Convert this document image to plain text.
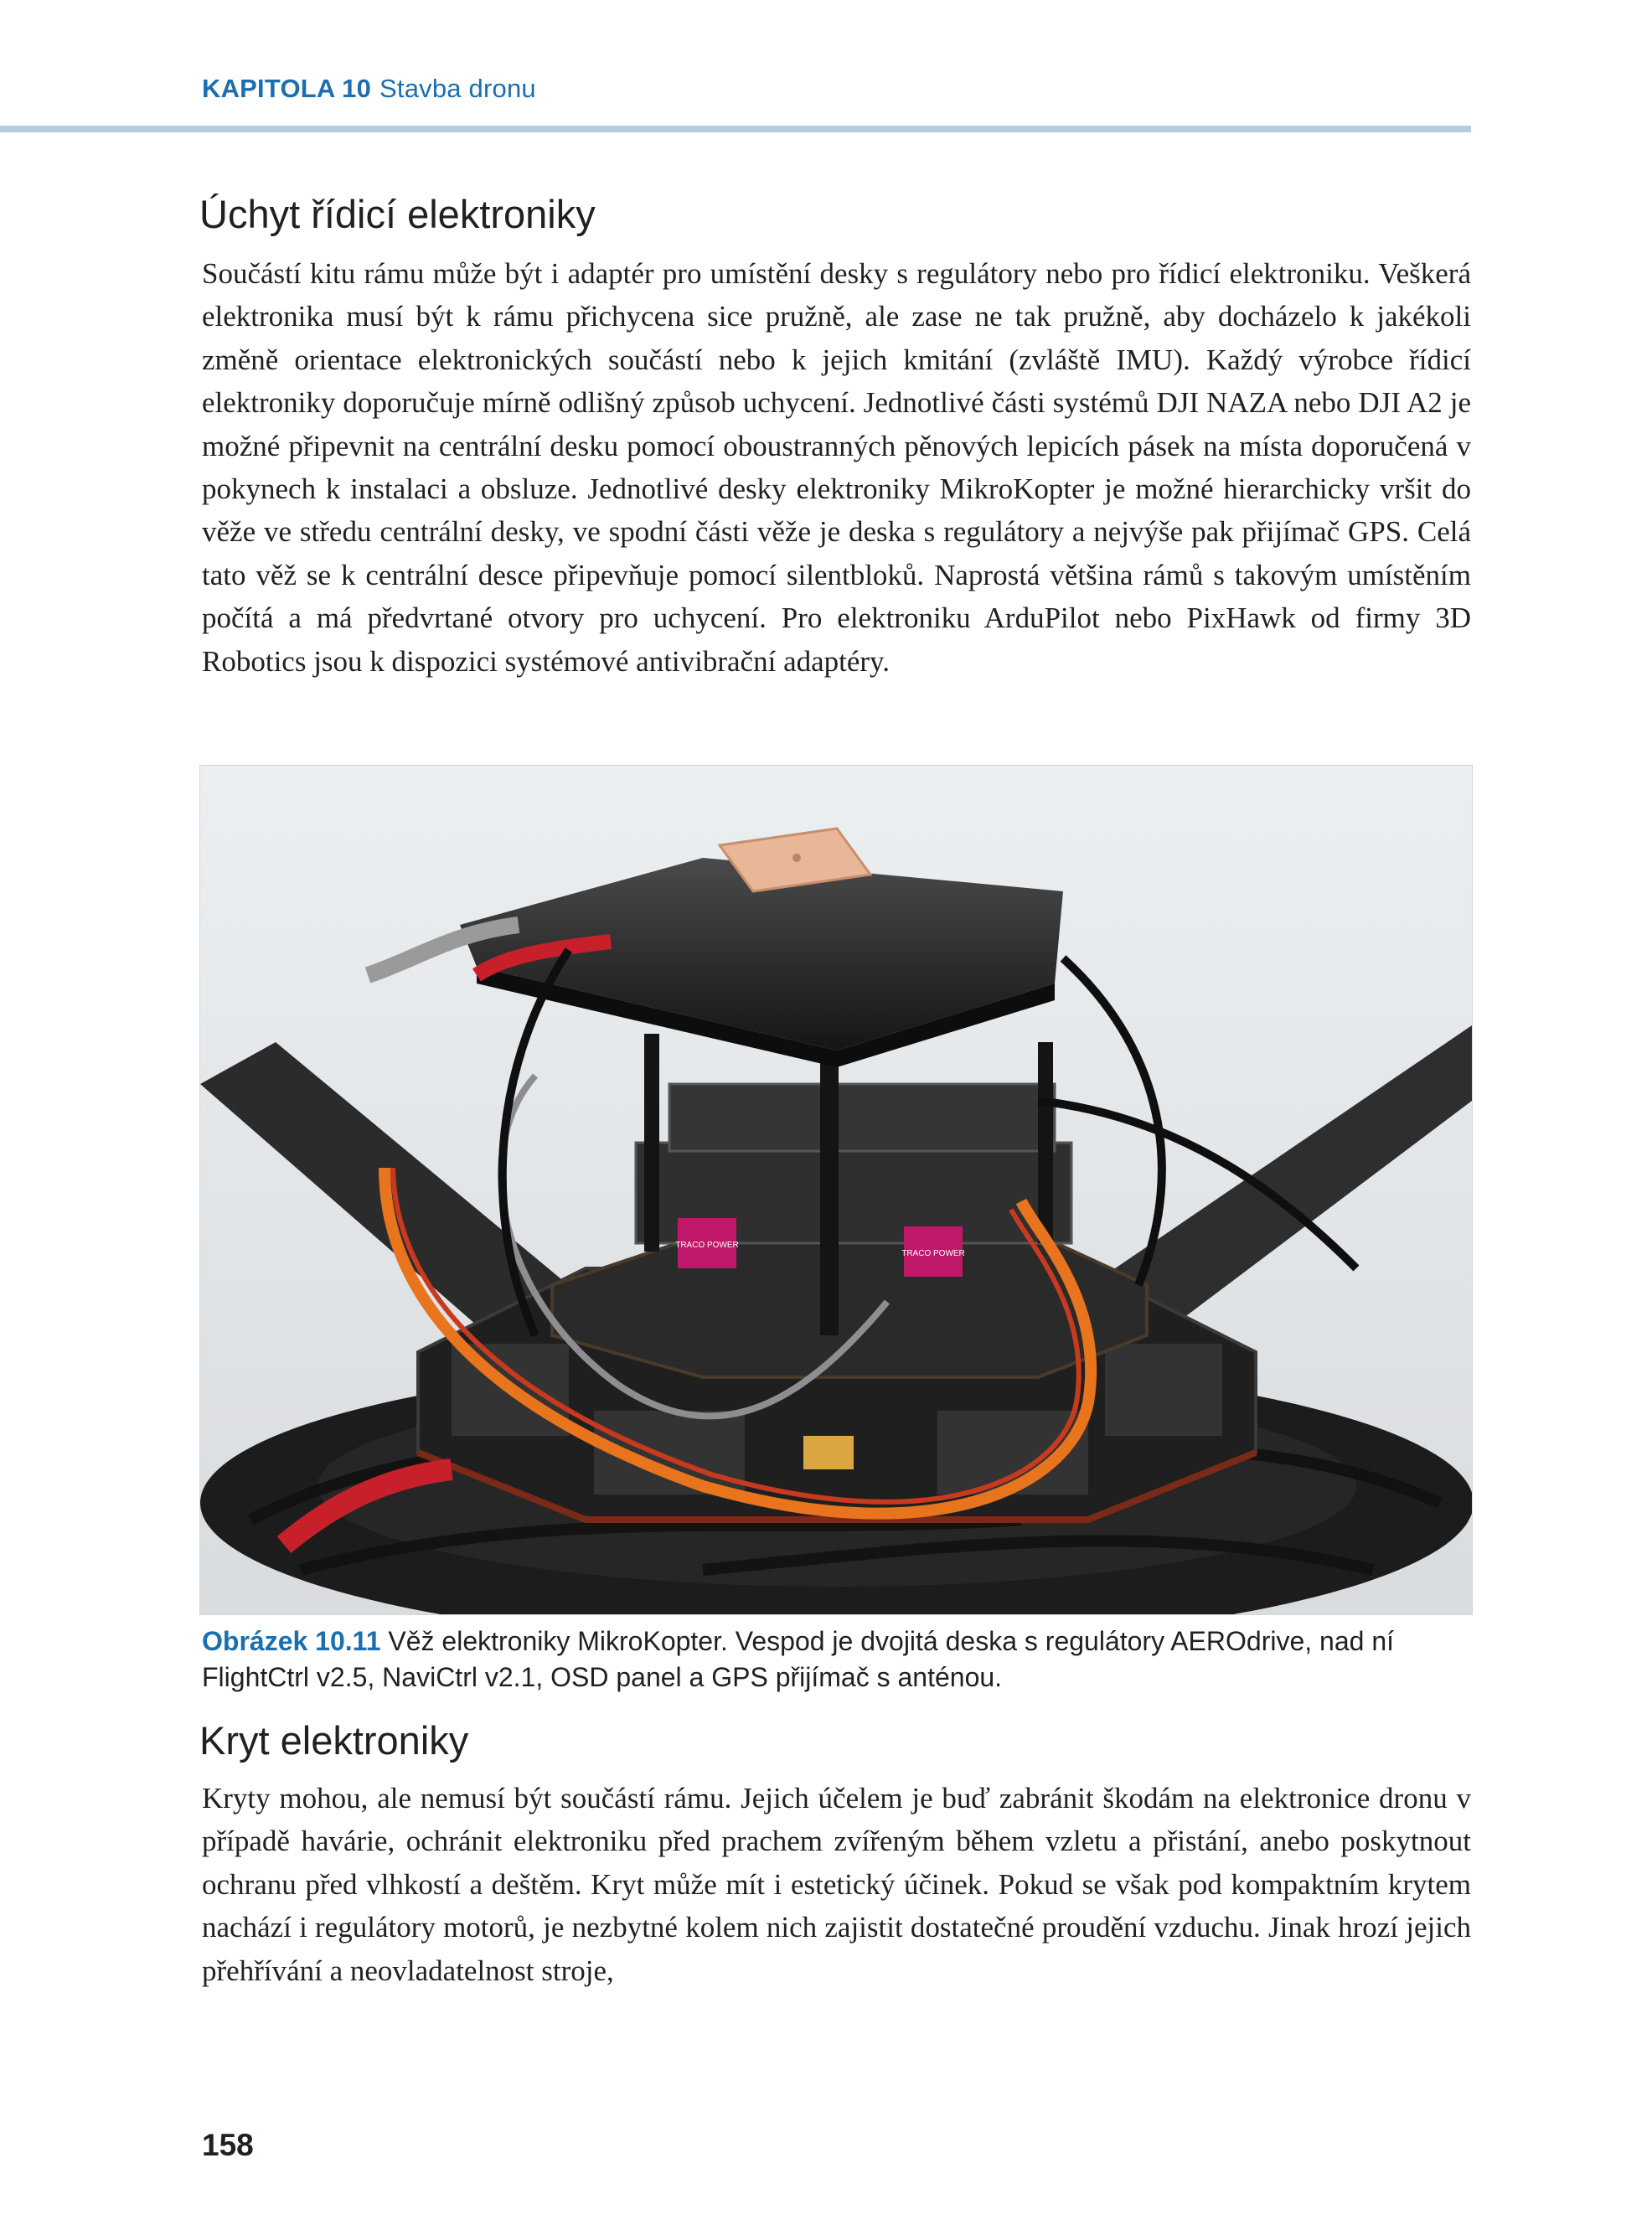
KAPITOLA 10 Stavba dronu
Úchyt řídicí elektroniky
Součástí kitu rámu může být i adaptér pro umístění desky s regulátory nebo pro řídicí elektroniku. Veškerá elektronika musí být k rámu přichycena sice pružně, ale zase ne tak pružně, aby docházelo k jakékoli změně orientace elektronických součástí nebo k jejich kmitání (zvláště IMU). Každý výrobce řídicí elektroniky doporučuje mírně odlišný způsob uchycení. Jednotlivé části systémů DJI NAZA nebo DJI A2 je možné připevnit na centrální desku pomocí oboustranných pěnových lepicích pásek na místa doporučená v pokynech k instalaci a obsluze. Jednotlivé desky elektroniky MikroKopter je možné hierarchicky vršit do věže ve středu centrální desky, ve spodní části věže je deska s regulátory a nejvýše pak přijímač GPS. Celá tato věž se k centrální desce připevňuje pomocí silentbloků. Naprostá většina rámů s takovým umístěním počítá a má předvrtané otvory pro uchycení. Pro elektroniku ArduPilot nebo PixHawk od firmy 3D Robotics jsou k dispozici systémové antivibrační adaptéry.
TRACO POWER
TRACO POWER
Obrázek 10.11 Věž elektroniky MikroKopter. Vespod je dvojitá deska s regulátory AEROdrive, nad ní FlightCtrl v2.5, NaviCtrl v2.1, OSD panel a GPS přijímač s anténou.
Kryt elektroniky
Kryty mohou, ale nemusí být součástí rámu. Jejich účelem je buď zabránit škodám na elektronice dronu v případě havárie, ochránit elektroniku před prachem zvířeným během vzletu a přistání, anebo poskytnout ochranu před vlhkostí a deštěm. Kryt může mít i estetický účinek. Pokud se však pod kompaktním krytem nachází i regulátory motorů, je nezbytné kolem nich zajistit dostatečné proudění vzduchu. Jinak hrozí jejich přehřívání a neovladatelnost stroje,
158
